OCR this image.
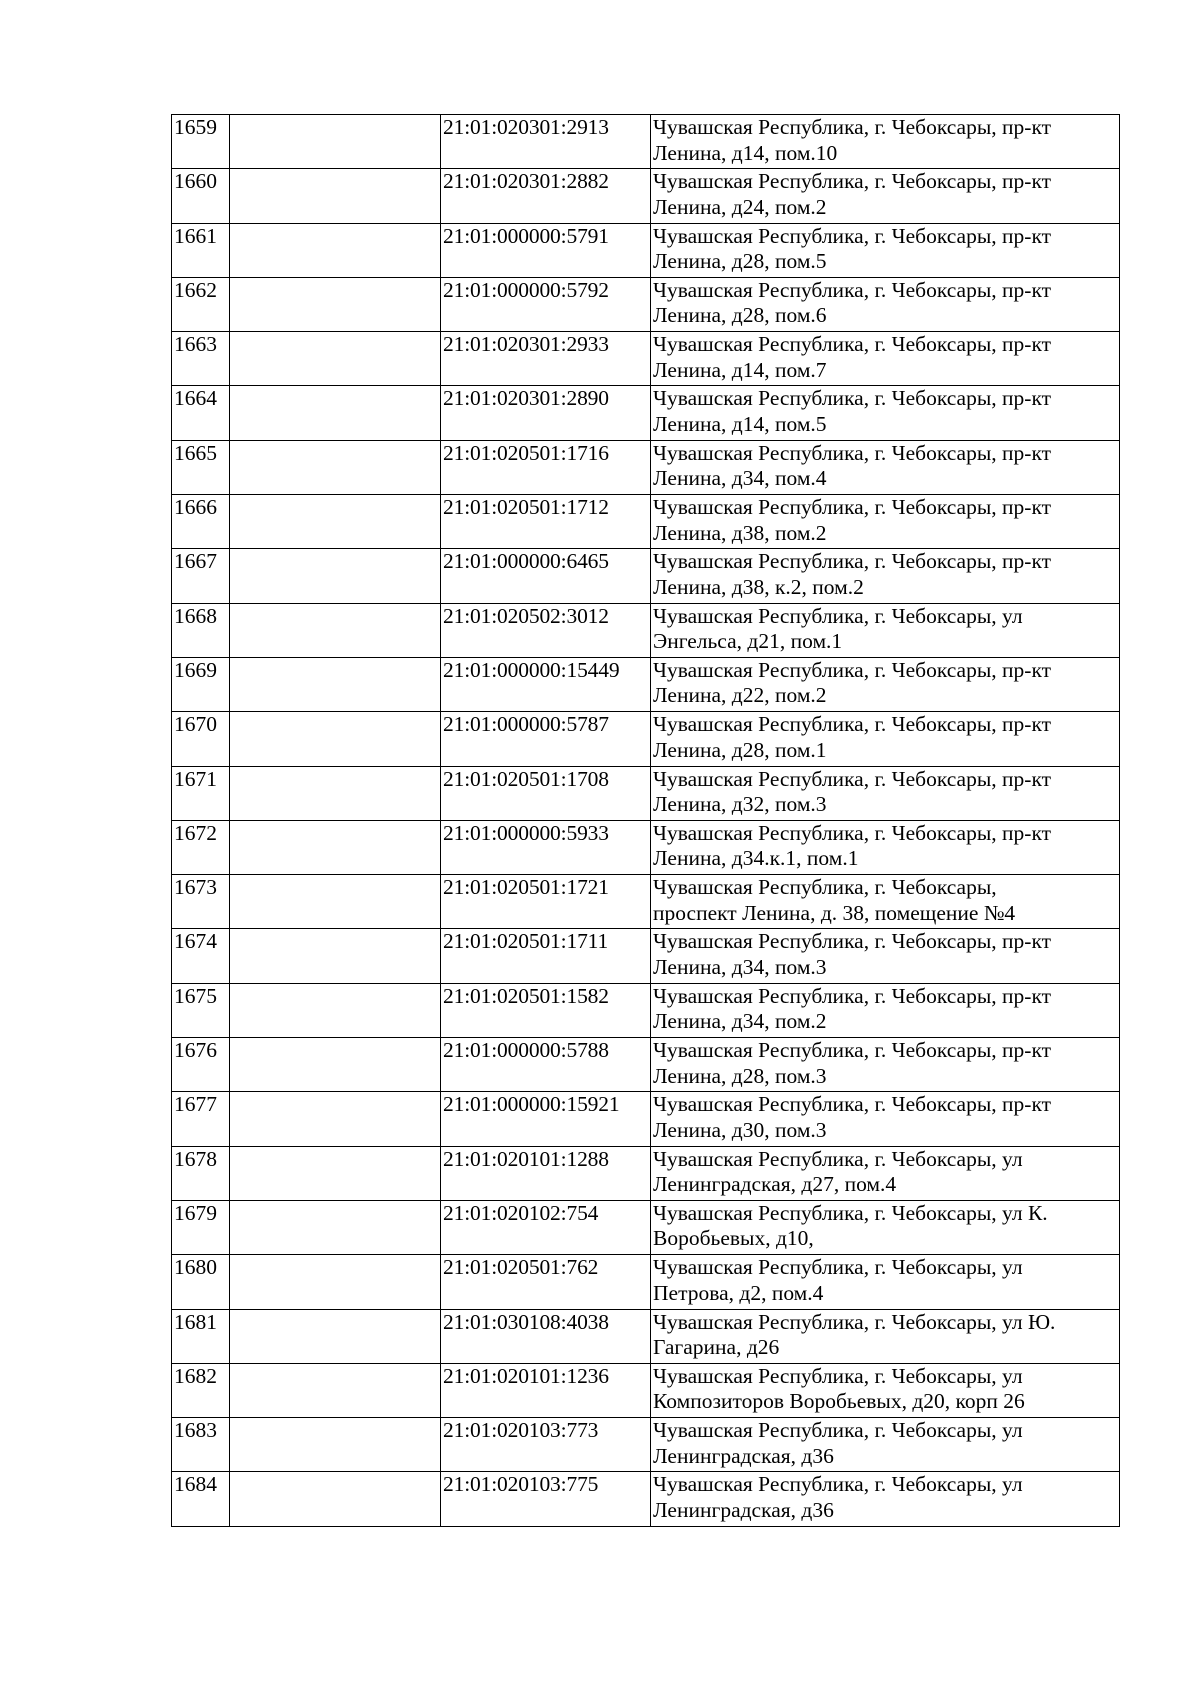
1659		21:01:020301:2913	Чувашская Республика, г. Чебоксары, пр-кт
Ленина, д14, пом.10

1660		21:01:020301:2882	Чувашская Республика, г. Чебоксары, пр-кт
Ленина, д24, пом.2

1661		21:01:000000:5791	Чувашская Республика, г. Чебоксары, пр-кт
Ленина, д28, пом.5

1662		21:01:000000:5792	Чувашская Республика, г. Чебоксары, пр-кт
Ленина, д28, пом.6

1663		21:01:020301:2933	Чувашская Республика, г. Чебоксары, пр-кт
Ленина, д14, пом.7

1664		21:01:020301:2890	Чувашская Республика, г. Чебоксары, пр-кт
Ленина, д14, пом.5

1665		21:01:020501:1716	Чувашская Республика, г. Чебоксары, пр-кт
Ленина, д34, пом.4

1666		21:01:020501:1712	Чувашская Республика, г. Чебоксары, пр-кт
Ленина, д38, пом.2

1667		21:01:000000:6465	Чувашская Республика, г. Чебоксары, пр-кт
Ленина, д38, к.2, пом.2

1668		21:01:020502:3012	Чувашская Республика, г. Чебоксары, ул
Энгельса, д21, пом.1

1669		21:01:000000:15449	Чувашская Республика, г. Чебоксары, пр-кт
Ленина, д22, пом.2

1670		21:01:000000:5787	Чувашская Республика, г. Чебоксары, пр-кт
Ленина, д28, пом.1

1671		21:01:020501:1708	Чувашская Республика, г. Чебоксары, пр-кт
Ленина, д32, пом.3

1672		21:01:000000:5933	Чувашская Республика, г. Чебоксары, пр-кт
Ленина, д34.к.1, пом.1

1673		21:01:020501:1721	Чувашская Республика, г. Чебоксары,
проспект Ленина, д. 38, помещение №4

1674		21:01:020501:1711	Чувашская Республика, г. Чебоксары, пр-кт
Ленина, д34, пом.3

1675		21:01:020501:1582	Чувашская Республика, г. Чебоксары, пр-кт
Ленина, д34, пом.2

1676		21:01:000000:5788	Чувашская Республика, г. Чебоксары, пр-кт
Ленина, д28, пом.3

1677		21:01:000000:15921	Чувашская Республика, г. Чебоксары, пр-кт
Ленина, д30, пом.3

1678		21:01:020101:1288	Чувашская Республика, г. Чебоксары, ул
Ленинградская, д27, пом.4

1679		21:01:020102:754	Чувашская Республика, г. Чебоксары, ул К.
Воробьевых, д10,

1680		21:01:020501:762	Чувашская Республика, г. Чебоксары, ул
Петрова, д2, пом.4

1681		21:01:030108:4038	Чувашская Республика, г. Чебоксары, ул Ю.
Гагарина, д26

1682		21:01:020101:1236	Чувашская Республика, г. Чебоксары, ул
Композиторов Воробьевых, д20, корп 26

1683		21:01:020103:773	Чувашская Республика, г. Чебоксары, ул
Ленинградская, д36

1684		21:01:020103:775	Чувашская Республика, г. Чебоксары, ул
Ленинградская, д36
